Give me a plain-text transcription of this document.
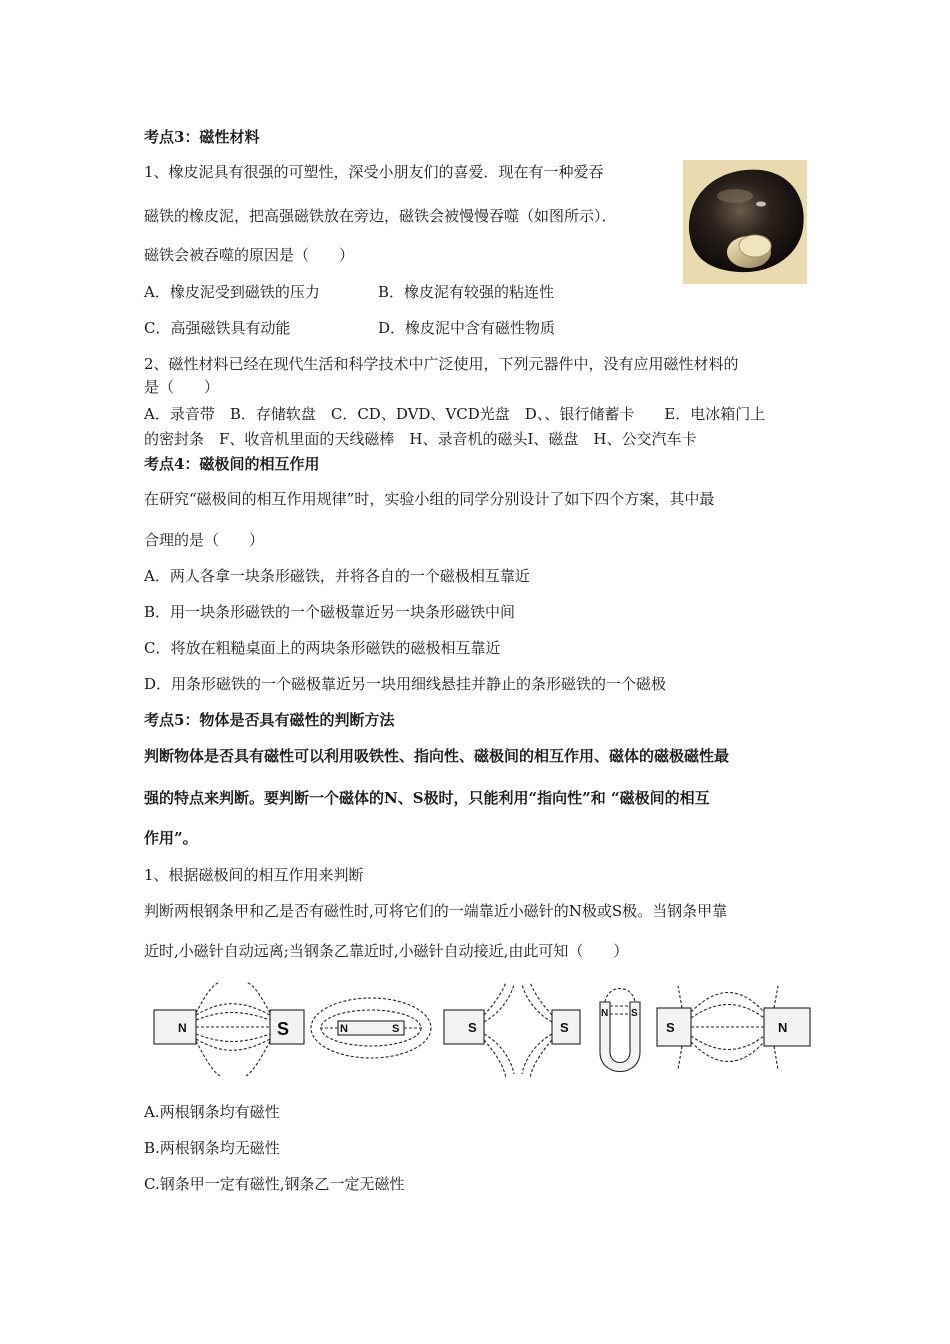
考点3：磁性材料
1、橡皮泥具有很强的可塑性，深受小朋友们的喜爱．现在有一种爱吞
磁铁的橡皮泥，把高强磁铁放在旁边，磁铁会被慢慢吞噬（如图所示）．
磁铁会被吞噬的原因是（　　）
A．橡皮泥受到磁铁的压力	B．橡皮泥有较强的粘连性
C．高强磁铁具有动能	D．橡皮泥中含有磁性物质
2、磁性材料已经在现代生活和科学技术中广泛使用，下列元器件中，没有应用磁性材料的
是（　　）
A．录音带　B．存储软盘　C．CD、DVD、VCD光盘　D、、银行储蓄卡　　E．电冰箱门上
的密封条　F、收音机里面的天线磁棒　H、录音机的磁头I、磁盘　H、公交汽车卡
考点4：磁极间的相互作用
在研究“磁极间的相互作用规律”时，实验小组的同学分别设计了如下四个方案，其中最
合理的是（　　）
A．两人各拿一块条形磁铁，并将各自的一个磁极相互靠近
B．用一块条形磁铁的一个磁极靠近另一块条形磁铁中间
C．将放在粗糙桌面上的两块条形磁铁的磁极相互靠近
D．用条形磁铁的一个磁极靠近另一块用细线悬挂并静止的条形磁铁的一个磁极
考点5：物体是否具有磁性的判断方法
判断物体是否具有磁性可以利用吸铁性、指向性、磁极间的相互作用、磁体的磁极磁性最
强的特点来判断。要判断一个磁体的N、S极时，只能利用“指向性”和 “磁极间的相互
作用”。
1、根据磁极间的相互作用来判断
判断两根钢条甲和乙是否有磁性时,可将它们的一端靠近小磁针的N极或S极。当钢条甲靠
近时,小磁针自动远离;当钢条乙靠近时,小磁针自动接近,由此可知（　　）
N	S	N	S	S	S
N S
S	N
A.两根钢条均有磁性
B.两根钢条均无磁性
C.钢条甲一定有磁性,钢条乙一定无磁性
